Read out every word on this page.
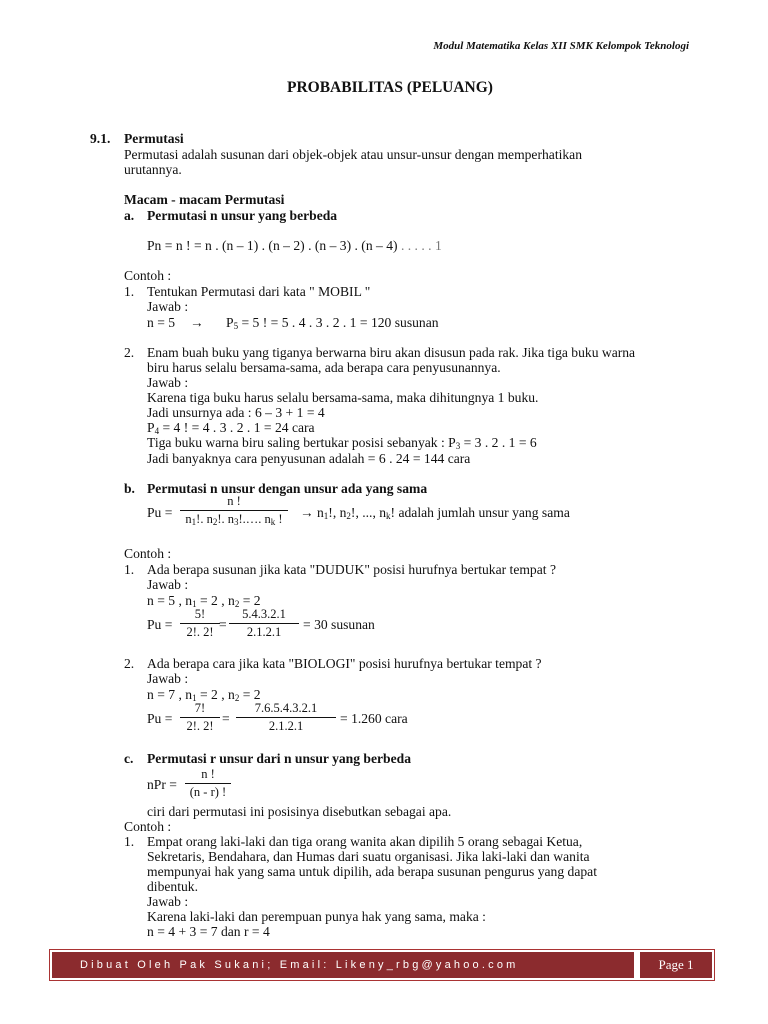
Modul Matematika Kelas XII SMK Kelompok Teknologi
PROBABILITAS (PELUANG)
9.1. Permutasi
Permutasi adalah susunan dari objek-objek atau unsur-unsur dengan memperhatikan
urutannya.
Macam - macam Permutasi
a. Permutasi n unsur yang berbeda
Pn = n ! = n . (n – 1) . (n – 2) . (n – 3) . (n – 4) . . . . . 1
Contoh :
1. Tentukan Permutasi dari kata " MOBIL "
Jawab :
$n = 5 \to P_5 = 5$ ! = 5 . 4 . 3 . 2 . 1 = 120 susunan
2. Enam buah buku yang tiganya berwarna biru akan disusun pada rak. Jika tiga buku warna
biru harus selalu bersama-sama, ada berapa cara penyusunannya.
Jawab :
Karena tiga buku harus selalu bersama-sama, maka dihitungnya 1 buku.
Jadi unsurnya ada : 6 – 3 + 1 = 4
$P_4 = 4$ ! = 4 . 3 . 2 . 1 = 24 cara
Tiga buku warna biru saling bertukar posisi sebanyak : $P_3 = 3$ . 2 . 1 = 6
Jadi banyaknya cara penyusunan adalah = 6 . 24 = 144 cara
b. Permutasi n unsur dengan unsur ada yang sama
Pu =
n !
$n_1$!. $n_2$!. $n_3!.\dots$. $n_k$ !	→ $n_1$!, $n_2$!, ..., $n_k$! adalah jumlah unsur yang sama
Contoh :
1. Ada berapa susunan jika kata "DUDUK" posisi hurufnya bertukar tempat ?
Jawab :
n = 5 , $n_1 = 2$ , $n_2 = 2$
Pu =
5!
2!. 2! =
5.4.3.2.1
2.1.2.1	= 30 susunan
2. Ada berapa cara jika kata "BIOLOGI" posisi hurufnya bertukar tempat ?
Jawab :
n = 7 , $n_1 = 2$ , $n_2 = 2$
Pu =
7!
2!. 2! =
7.6.5.4.3.2.1
2.1.2.1	= 1.260 cara
c. Permutasi r unsur dari n unsur yang berbeda
nPr =
n !
(n - r) !
ciri dari permutasi ini posisinya disebutkan sebagai apa.
Contoh :
1. Empat orang laki-laki dan tiga orang wanita akan dipilih 5 orang sebagai Ketua,
Sekretaris, Bendahara, dan Humas dari suatu organisasi. Jika laki-laki dan wanita
mempunyai hak yang sama untuk dipilih, ada berapa susunan pengurus yang dapat
dibentuk.
Jawab :
Karena laki-laki dan perempuan punya hak yang sama, maka :
n = 4 + 3 = 7 dan r = 4
Dibuat Oleh Pak Sukani; Email: Likeny_rbg@yahoo.com	Page 1
